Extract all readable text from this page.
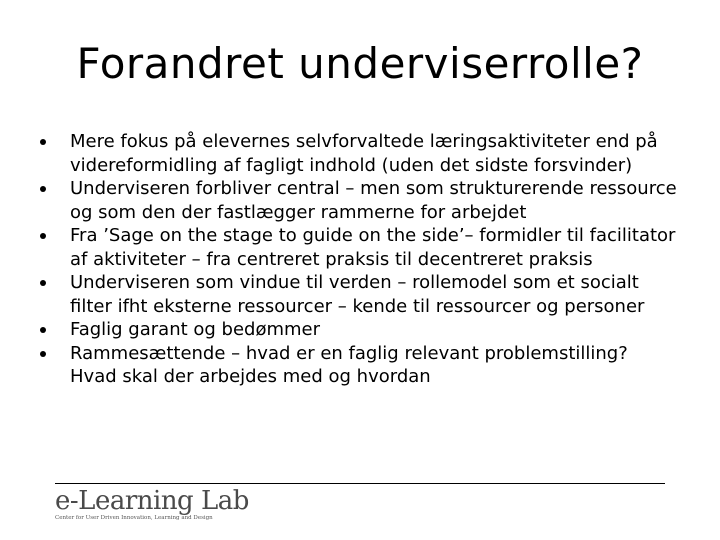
Forandret underviserrolle?
Mere fokus på elevernes selvforvaltede læringsaktiviteter end på videreformidling af fagligt indhold (uden det sidste forsvinder)
Underviseren forbliver central – men som strukturerende ressource og som den der fastlægger rammerne for arbejdet
Fra ’Sage on the stage to guide on the side’– formidler til facilitator af aktiviteter – fra centreret praksis til decentreret praksis
Underviseren som vindue til verden – rollemodel som et socialt filter ifht eksterne ressourcer – kende til ressourcer og personer
Faglig garant og bedømmer
Rammesættende – hvad er en faglig relevant problemstilling? Hvad skal der arbejdes med og hvordan
e-Learning Lab
Center for User Driven Innovation, Learning and Design
